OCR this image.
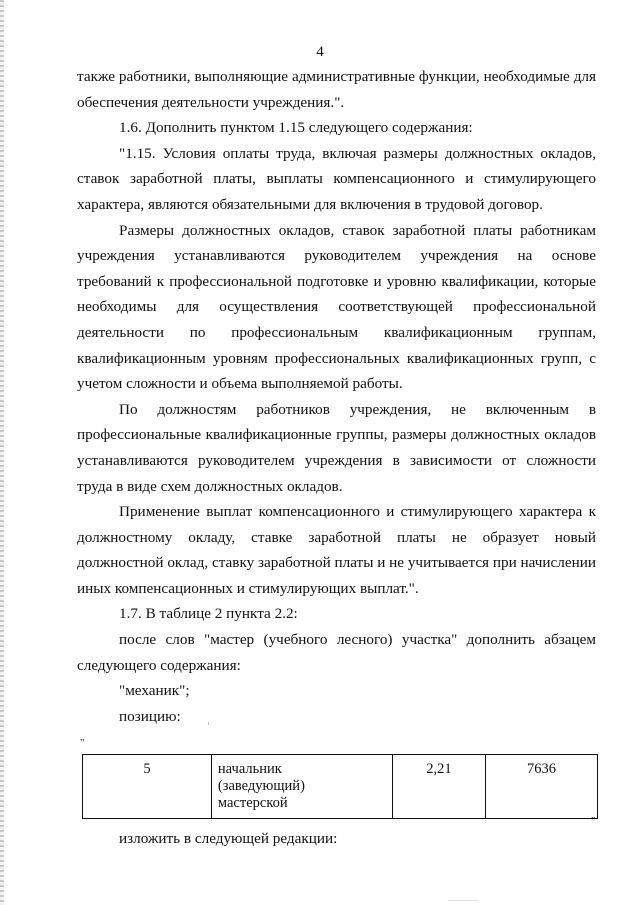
4

также работники, выполняющие административные функции, необходимые для обеспечения деятельности учреждения.".

1.6. Дополнить пунктом 1.15 следующего содержания:

"1.15. Условия оплаты труда, включая размеры должностных окладов, ставок заработной платы, выплаты компенсационного и стимулирующего характера, являются обязательными для включения в трудовой договор.

Размеры должностных окладов, ставок заработной платы работникам учреждения устанавливаются руководителем учреждения на основе требований к профессиональной подготовке и уровню квалификации, которые необходимы для осуществления соответствующей профессиональной деятельности по профессиональным квалификационным группам, квалификационным уровням профессиональных квалификационных групп, с учетом сложности и объема выполняемой работы.

По должностям работников учреждения, не включенным в профессиональные квалификационные группы, размеры должностных окладов устанавливаются руководителем учреждения в зависимости от сложности труда в виде схем должностных окладов.

Применение выплат компенсационного и стимулирующего характера к должностному окладу, ставке заработной платы не образует новый должностной оклад, ставку заработной платы и не учитывается при начислении иных компенсационных и стимулирующих выплат.".

1.7. В таблице 2 пункта 2.2:

после слов "мастер (учебного лесного) участка" дополнить абзацем следующего содержания:

"механик";

позицию:

"
5	начальник
(заведующий)
мастерской
	2,21	7636
"
изложить в следующей редакции:
